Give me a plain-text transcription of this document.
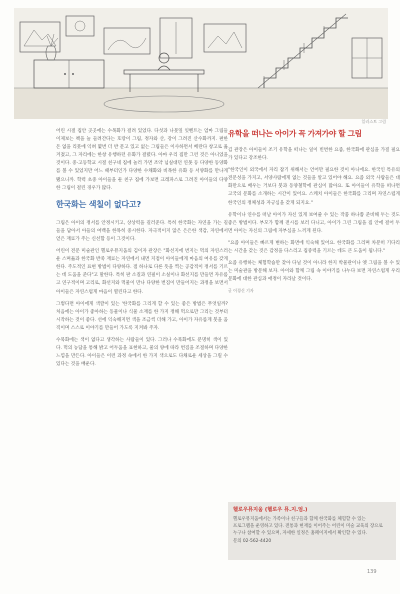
일러스트 그림

어린 시절 집안 곳곳에는 수목화가 걸려 있었다. 다섯과 나뭇잎 잇벤트는 엄마 그림들 이제보는 책을 늘 들려간다는 호랑이 그림, 정자와 산, 강이 그려진 산수화까지. 편한 돈 없을 리뭇에 익혀 몇번 더 반 문고 있고 없는 그림들은 이사하면서 베란다 창고로 옮겨졌고, 그 자리에는 한창 유행하던 유화가 걸렸다. 아마 우리 집만 그런 것은 아니었을 것이다. 중·고등학교 시절 친구네 집에 놀러 가면 조약 넘실대던 연못 등 다양한 동양화를 볼 수 있었지만 어느 때부터인가 다양한 수채화와 비목한 유화 등 서양화를 만나게 됐으니까. 학력 초중 아이들을 둔 친구 집에 가보면 크레파스로 그려진 아이들의 다양한 그림이 걸린 경우가 많다.

한국화는 색칠이 없다고?

그림은 아이의 정서를 안정시키고, 상상력을 길러준다. 특히 한국화는 자연을 가는 길들을 담아서 아들의 여백을 한목히 중시한다. 자극적이지 않은 은은한 색감, 자연에서 얻은 재료가 주는 신선함 등이 그것이다.

어린이 전문 미술관인 헬로우뮤지움의 김이자 관장은 "화선지에 번지는 먹의 자연스러운 스며듦과 한국화 반죽 재료는 자연에서 내면 지점이 아이들에게 마음의 여유를 갖게 한다. 주도적인 표현 방법이 다양하다. 점 하나로 다른 뜻을 찍는 공감적이 정서를 기르는 데 도움을 준다"고 말한다. 특히 판 소질과 연필이 소실이나 화선지를 만들면 자유롭고 연구적이며 고리로, 화선지와 먹물이 만나 다양한 번짐이 만들어지는 과정을 보면서 아이들은 자연스럽게 마음이 열린다고 한다.

그렇다면 아이에게 색깔이 있는 '한국화를 그리게 할 수 있는 좋은 방법은 무엇일까? 처음에는 아이가 좋아하는 동물이나 식물 소재를 한 가지 정해 먹으로만 그리는 것부터 시작하는 것이 좋다. 선에 익숙해지면 색을 조금씩 더해 가고, 아이가 자유롭게 붓을 움직이며 스스로 이야기를 만들어 가도록 지켜봐 주자.

수묵화에는 색이 없다고 생각하는 사람들이 있다. 그러나 수묵화에도 분명히 색이 있다. 먹의 농담을 통해 밝고 어두움을 표현하고, 물의 양에 따라 번짐을 조절하며 다양한 느낌을 만든다. 아이들은 이런 과정 속에서 한 가지 색으로도 다채로운 세상을 그릴 수 있다는 것을 배운다.

유학을 떠나는 아이가 꼭 가져가야 할 그림

김 관장은 아이들이 조기 유학을 떠나는 일이 빈번한 요즘, 한국화에 관심을 가질 필요가 있다고 강조한다.

"한국인이 외국에서 자리 잡기 위해서는 언어만 필요한 것이 아니에요. 한국인 특유의 전문성을 가지고, 서양사람에게 없는 것들을 알고 있어야 해요. 요즘 외국 사람들은 대화만으로 배우는 거보다 붓과 동양철학에 관심이 많아요. 또 아이들이 유학을 떠나면 고국의 문화를 소개하는 시간이 있어요. 스케치 아이들은 한국화를 그리며 자연스럽게 한국인의 정체성과 자긍심을 갖게 되지요."

유학이나 연수를 떠날 아이가 자신 있게 보여줄 수 있는 작품 하나쯤 준비해 두는 것도 좋은 방법이다. 부모가 함께 전시를 보러 다니고, 아이가 그린 그림을 집 안에 걸어 두면 아이는 자신의 그림에 자부심을 느끼게 된다.

"요즘 아이들은 빠르게 변하는 화면에 익숙해 있어요. 한국화를 그리며 차분히 기다리는 시간을 갖는 것은 감정을 다스리고 집중력을 기르는 데도 큰 도움이 됩니다."

요즘 유행하는 체험학습만 찾아 다닐 것이 아니라 한지 박물관이나 옛 그림을 볼 수 있는 미술관을 방문해 보자. 아이와 함께 그림 속 이야기를 나누다 보면 자연스럽게 우리 문화에 대한 관심과 애정이 자라날 것이다.

글 이경신 기자
헬로우뮤지움 (헬로우 뮤.지.엄.)
헬로우뮤지움에서는 가족이나 친구들과 함께 한국화를 체험할 수 있는
프로그램을 운영하고 있다. 전통과 현재를 이어주는 어린이 미술 교육의 장으로
누구나 참여할 수 있으며, 자세한 일정은 홈페이지에서 확인할 수 있다.
문의 02-562-4420
139
